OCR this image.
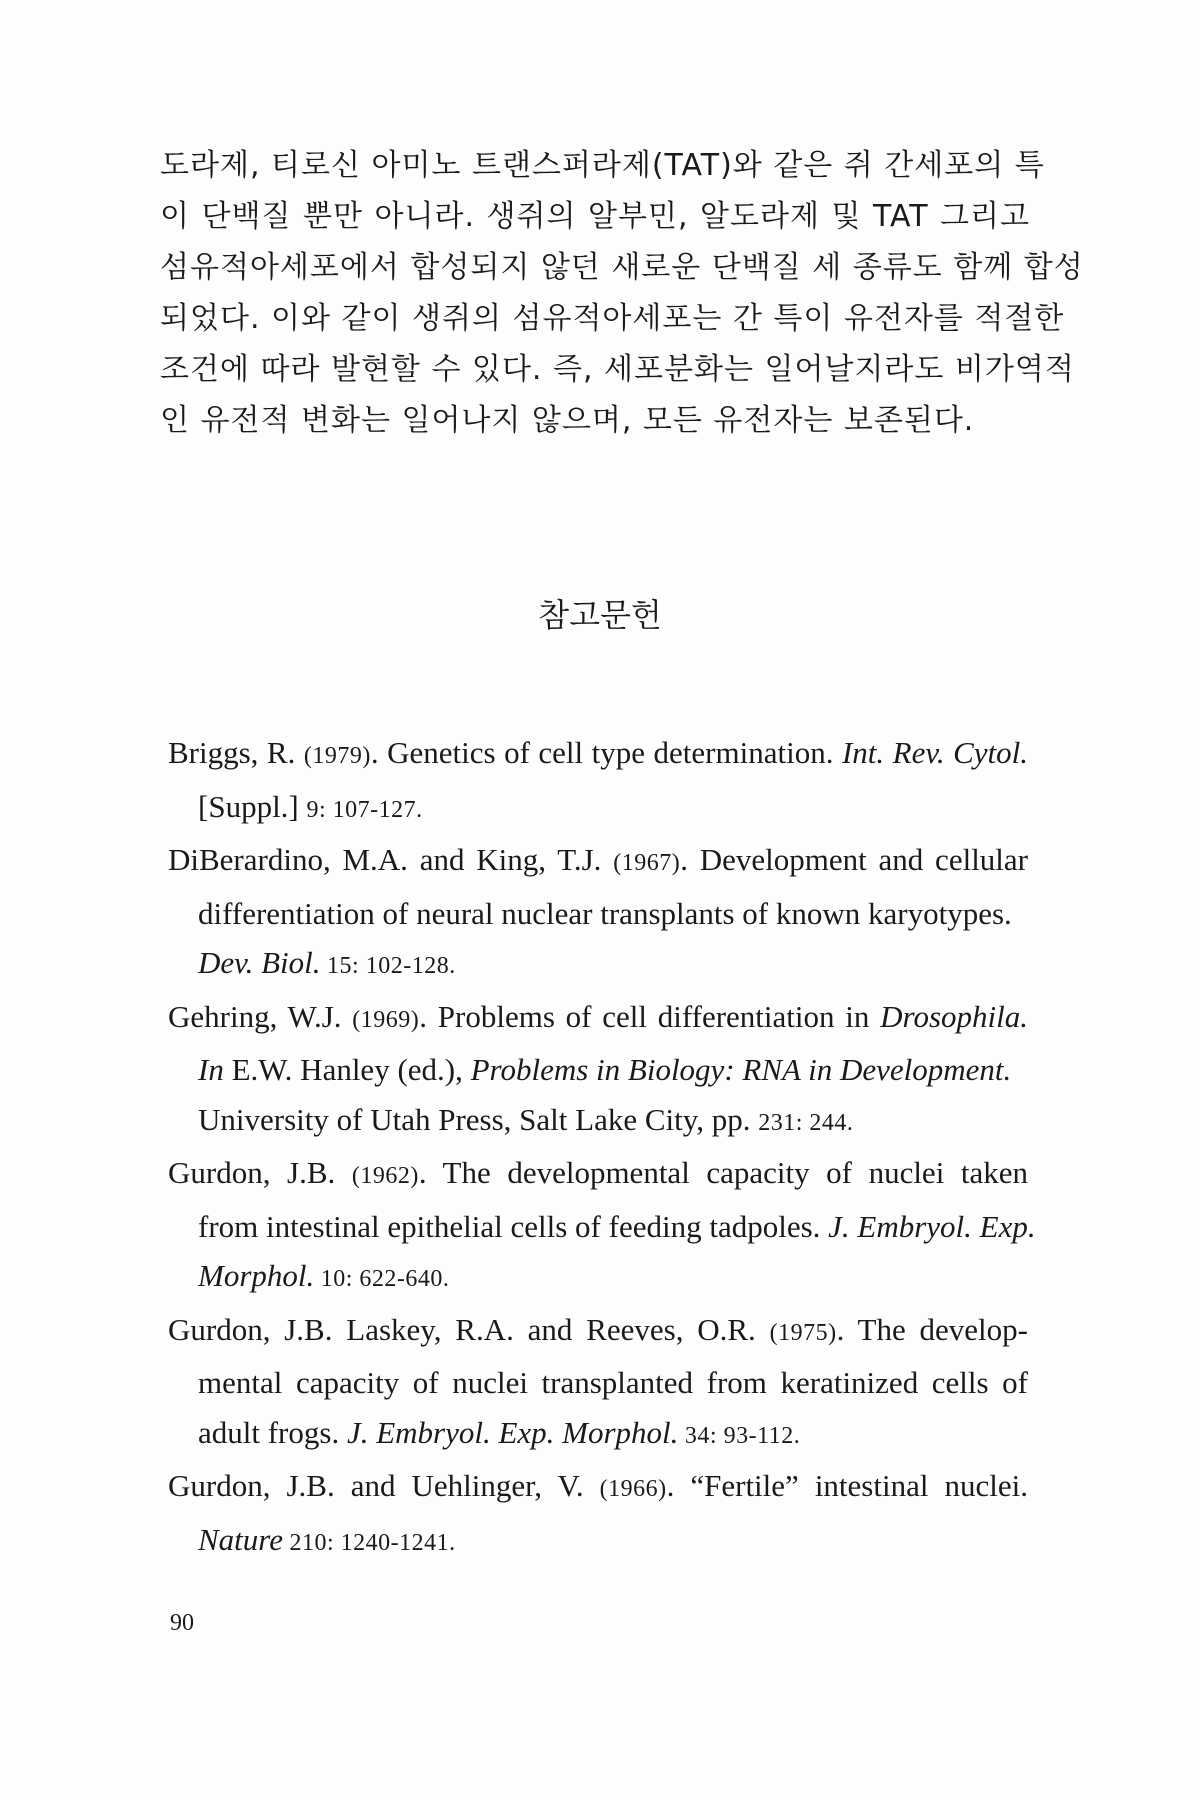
도라제, 티로신 아미노 트랜스퍼라제(TAT)와 같은 쥐 간세포의 특
이 단백질 뿐만 아니라. 생쥐의 알부민, 알도라제 및 TAT 그리고
섬유적아세포에서 합성되지 않던 새로운 단백질 세 종류도 함께 합성
되었다. 이와 같이 생쥐의 섬유적아세포는 간 특이 유전자를 적절한
조건에 따라 발현할 수 있다. 즉, 세포분화는 일어날지라도 비가역적
인 유전적 변화는 일어나지 않으며, 모든 유전자는 보존된다.

참고문헌
Briggs, R. (1979). Genetics of cell type determination. Int. Rev. Cytol.
[Suppl.] 9: 107-127.
DiBerardino, M.A. and King, T.J. (1967). Development and cellular
differentiation of neural nuclear transplants of known karyotypes.
Dev. Biol. 15: 102-128.
Gehring, W.J. (1969). Problems of cell differentiation in Drosophila.
In E.W. Hanley (ed.), Problems in Biology: RNA in Development.
University of Utah Press, Salt Lake City, pp. 231: 244.
Gurdon, J.B. (1962). The developmental capacity of nuclei taken
from intestinal epithelial cells of feeding tadpoles. J. Embryol. Exp.
Morphol. 10: 622-640.
Gurdon, J.B. Laskey, R.A. and Reeves, O.R. (1975). The develop-
mental capacity of nuclei transplanted from keratinized cells of
adult frogs. J. Embryol. Exp. Morphol. 34: 93-112.
Gurdon, J.B. and Uehlinger, V. (1966). “Fertile” intestinal nuclei.
Nature 210: 1240-1241.

90
